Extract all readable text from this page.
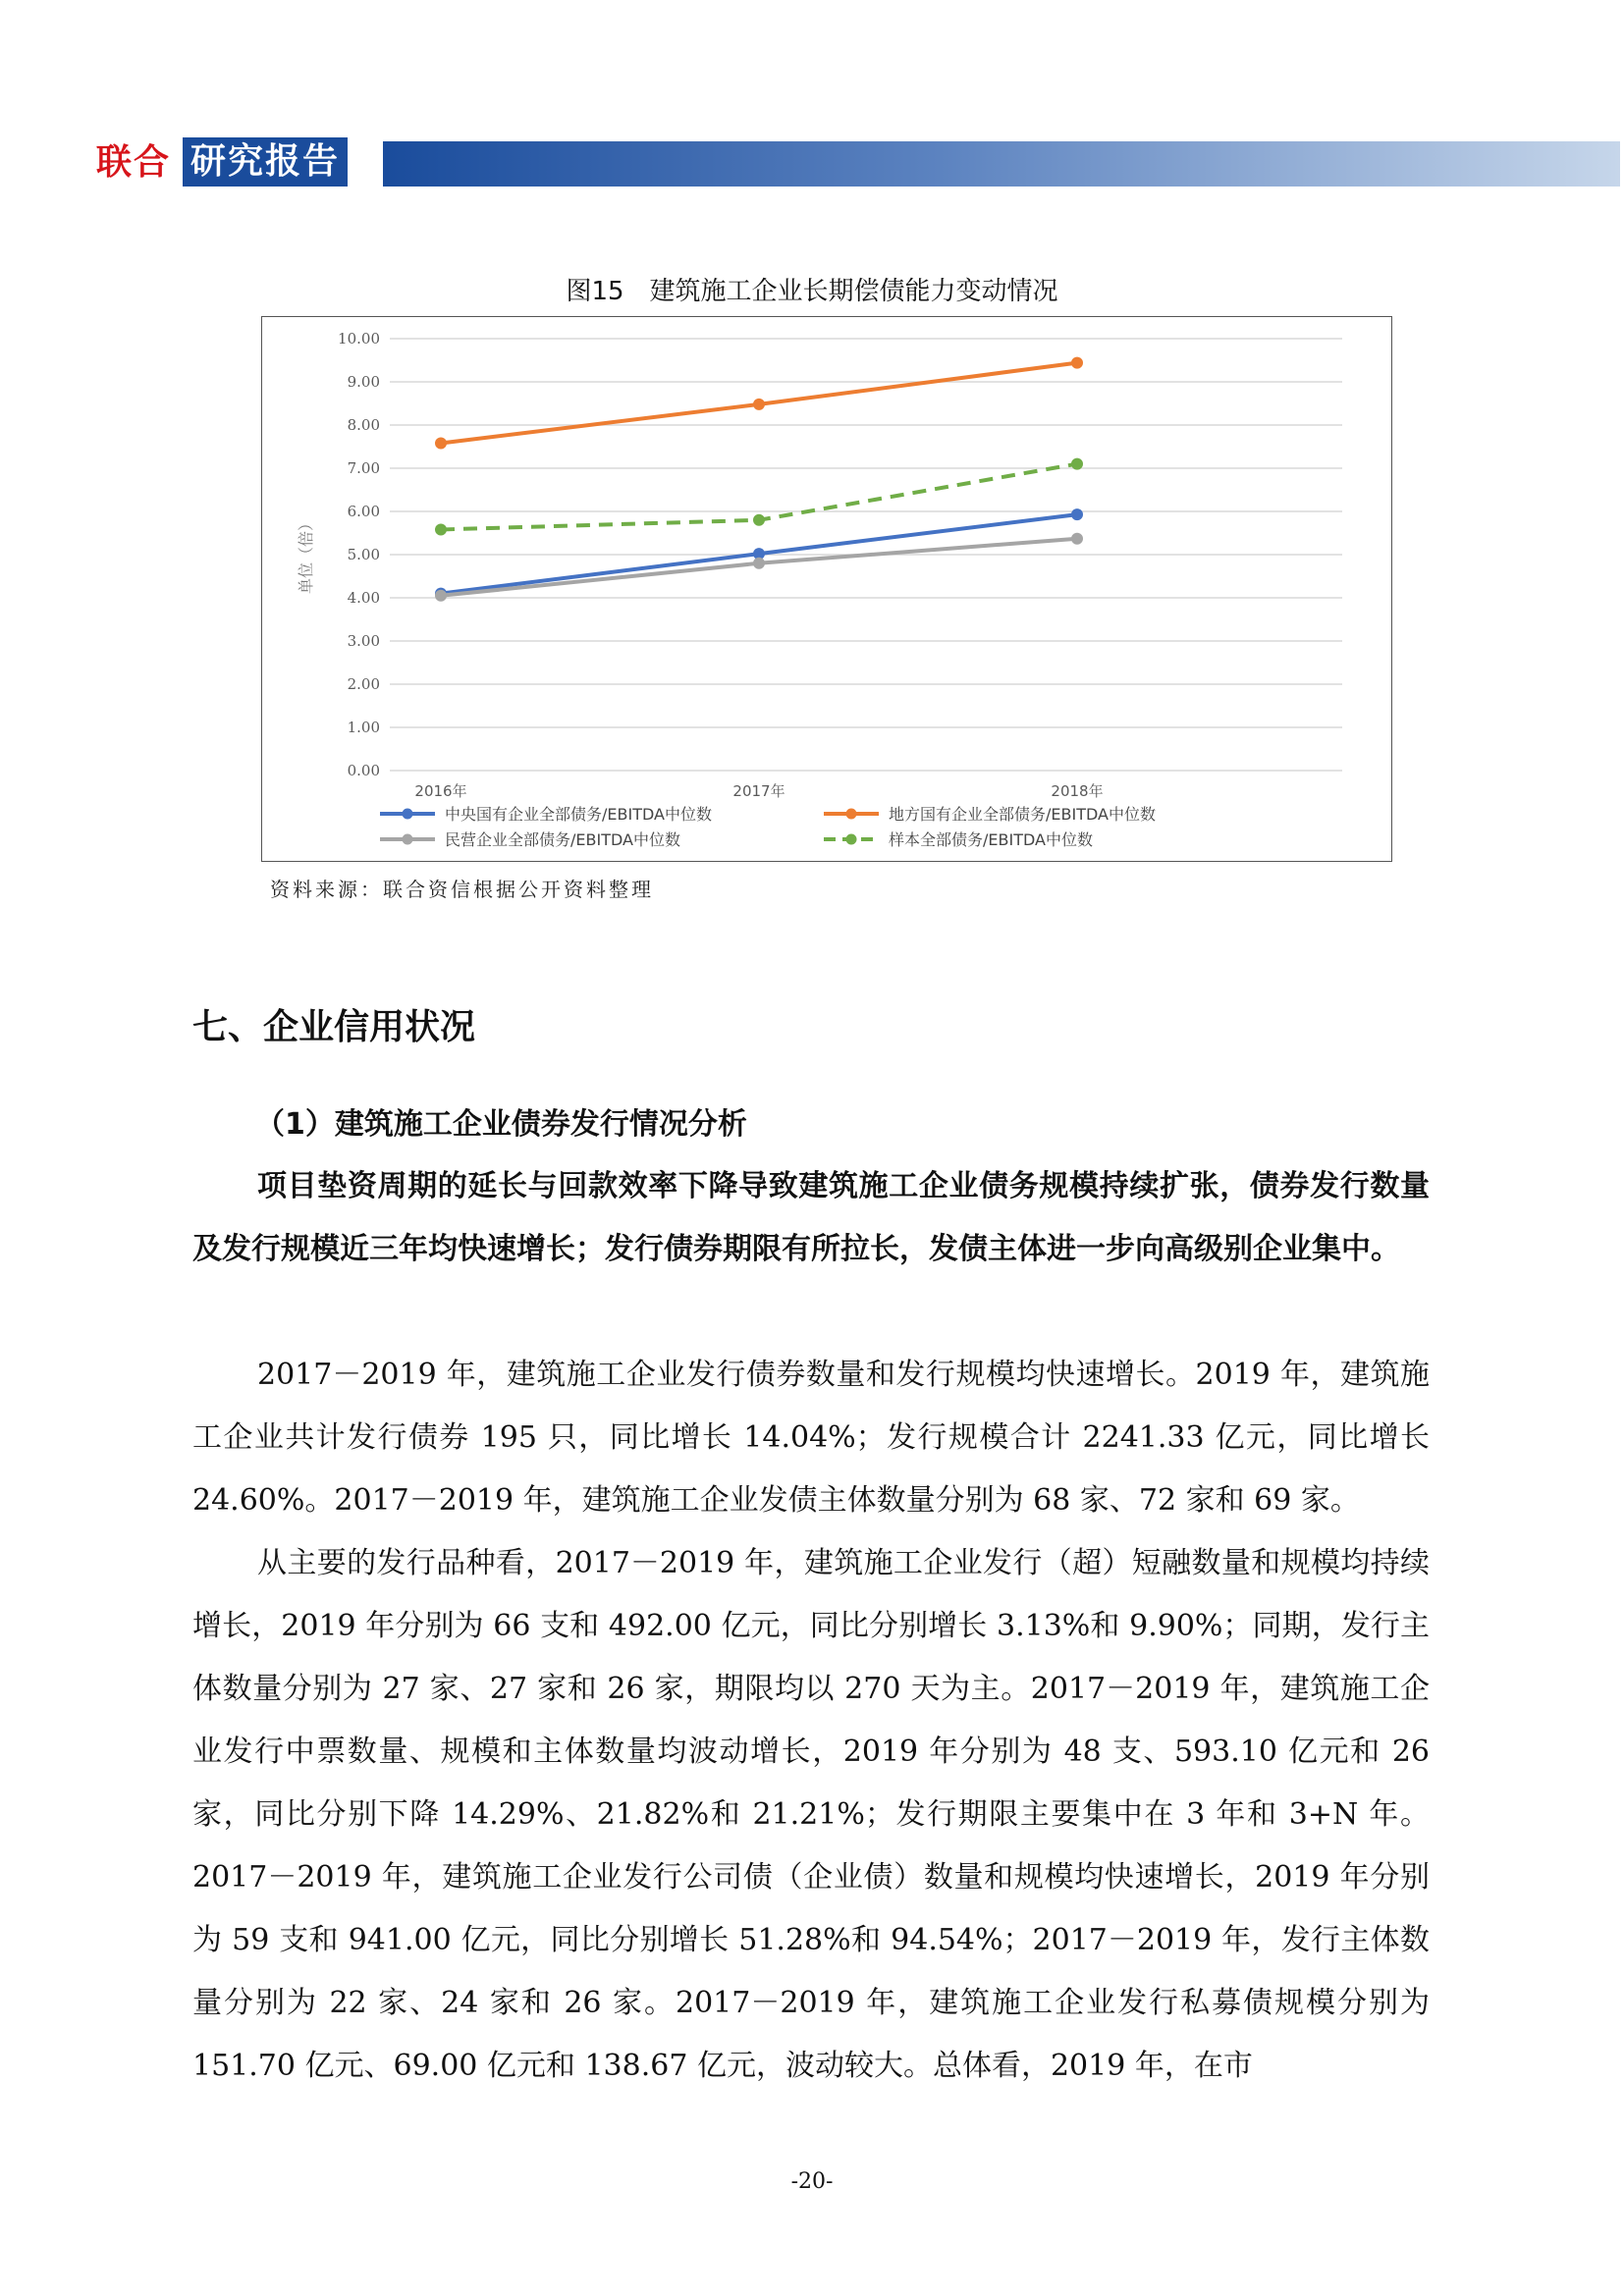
联合 研究报告
图15　建筑施工企业长期偿债能力变动情况
0.00
1.00
2.00
3.00
4.00
5.00
6.00
7.00
8.00
9.00
10.00
2016年	2017年	2018年
单位（倍）
中央国有企业全部债务/EBITDA中位数	地方国有企业全部债务/EBITDA中位数
民营企业全部债务/EBITDA中位数	样本全部债务/EBITDA中位数
资料来源：联合资信根据公开资料整理
七、企业信用状况
（1）建筑施工企业债券发行情况分析
项目垫资周期的延长与回款效率下降导致建筑施工企业债务规模持续扩张，债券发行数量及发行规模近三年均快速增长；发行债券期限有所拉长，发债主体进一步向高级别企业集中。
2017－2019 年，建筑施工企业发行债券数量和发行规模均快速增长。2019 年，建筑施工企业共计发行债券 195 只，同比增长 14.04%；发行规模合计 2241.33 亿元，同比增长 24.60%。2017－2019 年，建筑施工企业发债主体数量分别为 68 家、72 家和 69 家。
从主要的发行品种看，2017－2019 年，建筑施工企业发行（超）短融数量和规模均持续增长，2019 年分别为 66 支和 492.00 亿元，同比分别增长 3.13%和 9.90%；同期，发行主体数量分别为 27 家、27 家和 26 家，期限均以 270 天为主。2017－2019 年，建筑施工企业发行中票数量、规模和主体数量均波动增长，2019 年分别为 48 支、593.10 亿元和 26 家，同比分别下降 14.29%、21.82%和 21.21%；发行期限主要集中在 3 年和 3+N 年。2017－2019 年，建筑施工企业发行公司债（企业债）数量和规模均快速增长，2019 年分别为 59 支和 941.00 亿元，同比分别增长 51.28%和 94.54%；2017－2019 年，发行主体数量分别为 22 家、24 家和 26 家。2017－2019 年，建筑施工企业发行私募债规模分别为 151.70 亿元、69.00 亿元和 138.67 亿元，波动较大。总体看，2019 年，在市
-20-
